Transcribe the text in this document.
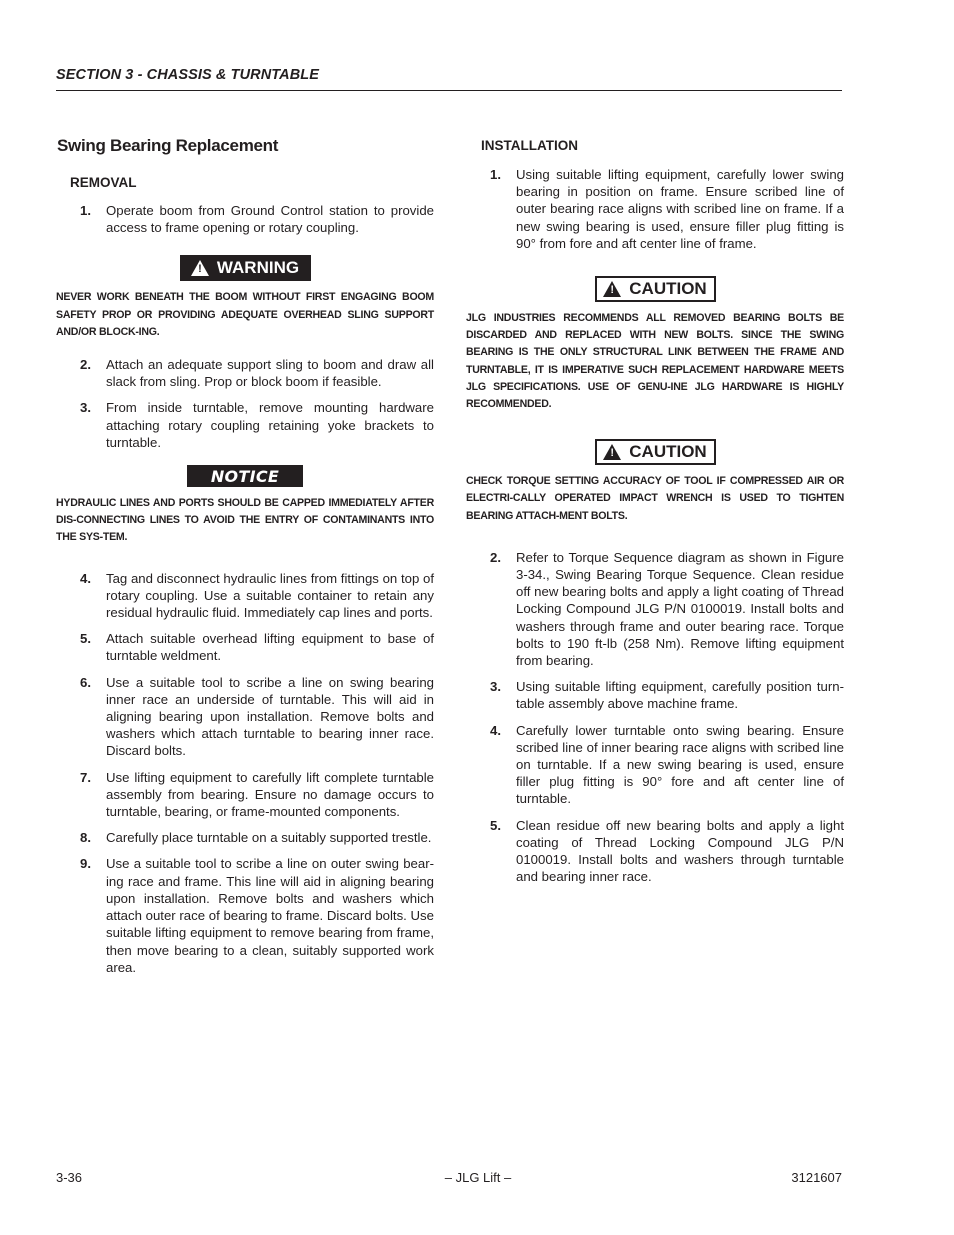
SECTION 3 - CHASSIS & TURNTABLE
Swing Bearing Replacement
REMOVAL
1.	Operate boom from Ground Control station to provide access to frame opening or rotary coupling.
! WARNING
NEVER WORK BENEATH THE BOOM WITHOUT FIRST ENGAGING BOOM SAFETY PROP OR PROVIDING ADEQUATE OVERHEAD SLING SUPPORT AND/OR BLOCK-ING.
2.	Attach an adequate support sling to boom and draw all slack from sling. Prop or block boom if feasible.
3.	From inside turntable, remove mounting hardware attaching rotary coupling retaining yoke brackets to turntable.
NOTICE
HYDRAULIC LINES AND PORTS SHOULD BE CAPPED IMMEDIATELY AFTER DIS-CONNECTING LINES TO AVOID THE ENTRY OF CONTAMINANTS INTO THE SYS-TEM.
4.	Tag and disconnect hydraulic lines from fittings on top of rotary coupling. Use a suitable container to retain any residual hydraulic fluid. Immediately cap lines and ports.
5.	Attach suitable overhead lifting equipment to base of turntable weldment.
6.	Use a suitable tool to scribe a line on swing bearing inner race an underside of turntable. This will aid in aligning bearing upon installation. Remove bolts and washers which attach turntable to bearing inner race. Discard bolts.
7.	Use lifting equipment to carefully lift complete turntable assembly from bearing. Ensure no damage occurs to turntable, bearing, or frame-mounted components.
8.	Carefully place turntable on a suitably supported trestle.
9.	Use a suitable tool to scribe a line on outer swing bear-ing race and frame. This line will aid in aligning bearing upon installation. Remove bolts and washers which attach outer race of bearing to frame. Discard bolts. Use suitable lifting equipment to remove bearing from frame, then move bearing to a clean, suitably supported work area.
INSTALLATION
1.	Using suitable lifting equipment, carefully lower swing bearing in position on frame. Ensure scribed line of outer bearing race aligns with scribed line on frame. If a new swing bearing is used, ensure filler plug fitting is 90° from fore and aft center line of frame.
! CAUTION
JLG INDUSTRIES RECOMMENDS ALL REMOVED BEARING BOLTS BE DISCARDED AND REPLACED WITH NEW BOLTS. SINCE THE SWING BEARING IS THE ONLY STRUCTURAL LINK BETWEEN THE FRAME AND TURNTABLE, IT IS IMPERATIVE SUCH REPLACEMENT HARDWARE MEETS JLG SPECIFICATIONS. USE OF GENU-INE JLG HARDWARE IS HIGHLY RECOMMENDED.
! CAUTION
CHECK TORQUE SETTING ACCURACY OF TOOL IF COMPRESSED AIR OR ELECTRI-CALLY OPERATED IMPACT WRENCH IS USED TO TIGHTEN BEARING ATTACH-MENT BOLTS.
2.	Refer to Torque Sequence diagram as shown in Figure 3-34., Swing Bearing Torque Sequence. Clean residue off new bearing bolts and apply a light coating of Thread Locking Compound JLG P/N 0100019. Install bolts and washers through frame and outer bearing race. Torque bolts to 190 ft-lb (258 Nm). Remove lifting equipment from bearing.
3.	Using suitable lifting equipment, carefully position turn-table assembly above machine frame.
4.	Carefully lower turntable onto swing bearing. Ensure scribed line of inner bearing race aligns with scribed line on turntable. If a new swing bearing is used, ensure filler plug fitting is 90° fore and aft center line of turntable.
5.	Clean residue off new bearing bolts and apply a light coating of Thread Locking Compound JLG P/N 0100019. Install bolts and washers through turntable and bearing inner race.
3-36	– JLG Lift –	3121607
